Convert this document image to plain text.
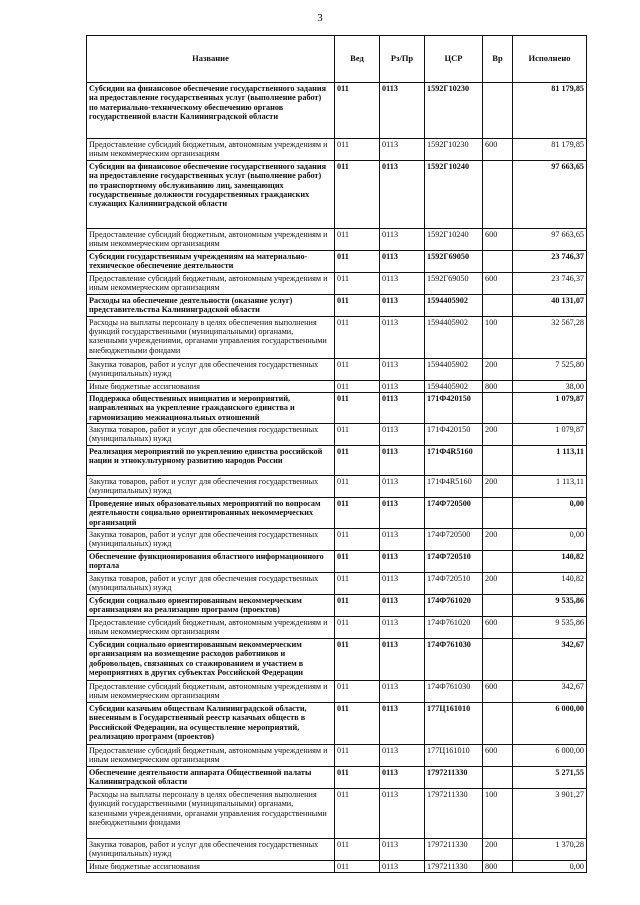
3
Название	Вед	Рз/Пр	ЦСР	Вр	Исполнено
Субсидии на финансовое обеспечение государственного задания на предоставление государственных услуг (выполнение работ) по материально-техническому обеспечению органов государственной власти Калининградской области	011	0113	1592Г10230		81 179,85
Предоставление субсидий бюджетным, автономным учреждениям и иным некоммерческим организациям	011	0113	1592Г10230	600	81 179,85
Субсидии на финансовое обеспечение государственного задания на предоставление государственных услуг (выполнение работ) по транспортному обслуживанию лиц, замещающих государственные должности государственных гражданских служащих Калининградской области	011	0113	1592Г10240		97 663,65
Предоставление субсидий бюджетным, автономным учреждениям и иным некоммерческим организациям	011	0113	1592Г10240	600	97 663,65
Субсидии государственным учреждениям на материально-техническое обеспечение деятельности	011	0113	1592Г69050		23 746,37
Предоставление субсидий бюджетным, автономным учреждениям и иным некоммерческим организациям	011	0113	1592Г69050	600	23 746,37
Расходы на обеспечение деятельности (оказание услуг) представительства Калининградской области	011	0113	1594405902		40 131,07
Расходы на выплаты персоналу в целях обеспечения выполнения функций государственными (муниципальными) органами, казенными учреждениями, органами управления государственными внебюджетными фондами	011	0113	1594405902	100	32 567,28
Закупка товаров, работ и услуг для обеспечения государственных (муниципальных) нужд	011	0113	1594405902	200	7 525,80
Иные бюджетные ассигнования	011	0113	1594405902	800	38,00
Поддержка общественных инициатив и мероприятий, направленных на укрепление гражданского единства и гармонизацию межнациональных отношений	011	0113	171Ф420150		1 079,87
Закупка товаров, работ и услуг для обеспечения государственных (муниципальных) нужд	011	0113	171Ф420150	200	1 079,87
Реализация мероприятий по укреплению единства российской нации и этнокультурному развитию народов России	011	0113	171Ф4R5160		1 113,11
Закупка товаров, работ и услуг для обеспечения государственных (муниципальных) нужд	011	0113	171Ф4R5160	200	1 113,11
Проведение иных образовательных мероприятий по вопросам деятельности социально ориентированных некоммерческих организаций	011	0113	174Ф720500		0,00
Закупка товаров, работ и услуг для обеспечения государственных (муниципальных) нужд	011	0113	174Ф720500	200	0,00
Обеспечение функционирования областного информационного портала	011	0113	174Ф720510		140,82
Закупка товаров, работ и услуг для обеспечения государственных (муниципальных) нужд	011	0113	174Ф720510	200	140,82
Субсидии социально ориентированным некоммерческим организациям на реализацию программ (проектов)	011	0113	174Ф761020		9 535,86
Предоставление субсидий бюджетным, автономным учреждениям и иным некоммерческим организациям	011	0113	174Ф761020	600	9 535,86
Субсидии социально ориентированным некоммерческим организациям на возмещение расходов работников и добровольцев, связанных со стажированием и участием в мероприятиях в других субъектах Российской Федерации	011	0113	174Ф761030		342,67
Предоставление субсидий бюджетным, автономным учреждениям и иным некоммерческим организациям	011	0113	174Ф761030	600	342,67
Субсидии казачьим обществам Калининградской области, внесенным в Государственный реестр казачьих обществ в Российской Федерации, на осуществление мероприятий, реализацию программ (проектов)	011	0113	177Ц161010		6 000,00
Предоставление субсидий бюджетным, автономным учреждениям и иным некоммерческим организациям	011	0113	177Ц161010	600	6 000,00
Обеспечение деятельности аппарата Общественной палаты Калининградской области	011	0113	1797211330		5 271,55
Расходы на выплаты персоналу в целях обеспечения выполнения функций государственными (муниципальными) органами, казенными учреждениями, органами управления государственными внебюджетными фондами	011	0113	1797211330	100	3 901,27
Закупка товаров, работ и услуг для обеспечения государственных (муниципальных) нужд	011	0113	1797211330	200	1 370,28
Иные бюджетные ассигнования	011	0113	1797211330	800	0,00
